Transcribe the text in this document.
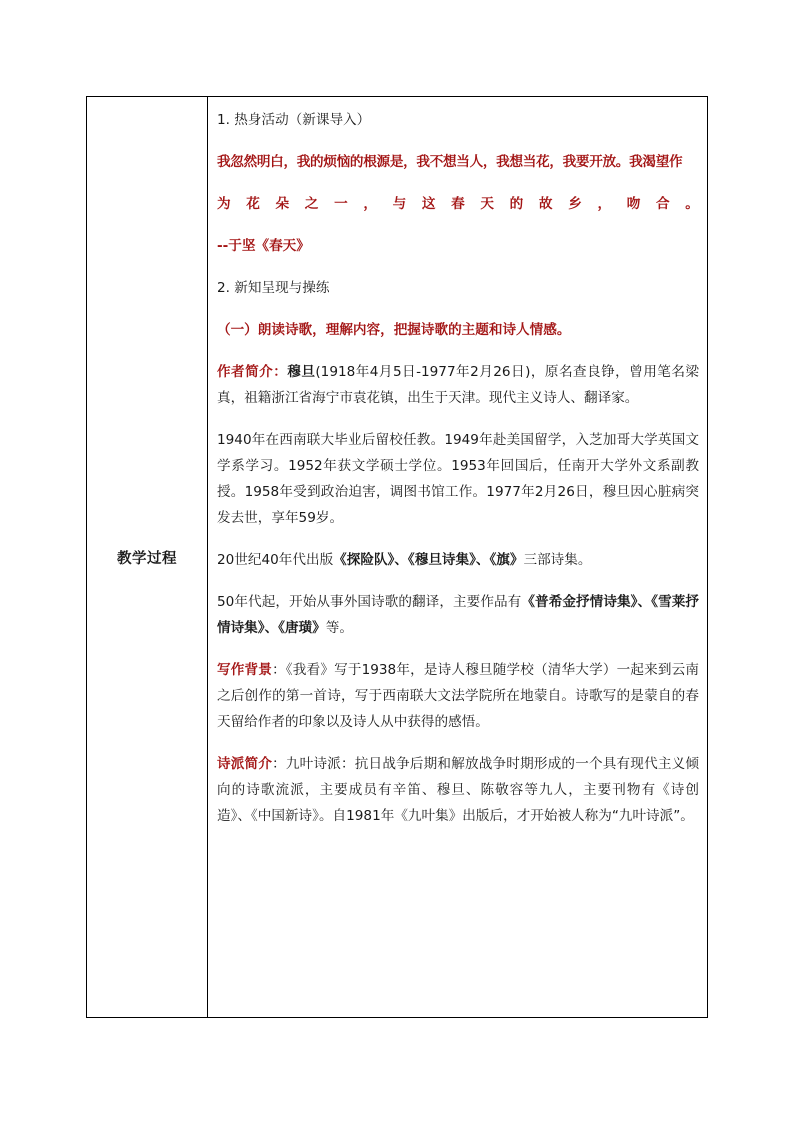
教学过程

1. 热身活动（新课导入）

我忽然明白，我的烦恼的根源是，我不想当人，我想当花，我要开放。我渴望作
为 花 朵 之 一 ， 与 这 春 天 的 故 乡 ， 吻 合 。
--于坚《春天》

2. 新知呈现与操练

（一）朗读诗歌，理解内容，把握诗歌的主题和诗人情感。

作者简介：穆旦(1918年4月5日-1977年2月26日)，原名查良铮，曾用笔名梁真，祖籍浙江省海宁市袁花镇，出生于天津。现代主义诗人、翻译家。

1940年在西南联大毕业后留校任教。1949年赴美国留学，入芝加哥大学英国文学系学习。1952年获文学硕士学位。1953年回国后，任南开大学外文系副教授。1958年受到政治迫害，调图书馆工作。1977年2月26日，穆旦因心脏病突发去世，享年59岁。

20世纪40年代出版《探险队》、《穆旦诗集》、《旗》三部诗集。

50年代起，开始从事外国诗歌的翻译，主要作品有《普希金抒情诗集》、《雪莱抒情诗集》、《唐璜》等。

写作背景：《我看》写于1938年，是诗人穆旦随学校（清华大学）一起来到云南之后创作的第一首诗，写于西南联大文法学院所在地蒙自。诗歌写的是蒙自的春天留给作者的印象以及诗人从中获得的感悟。

诗派简介：九叶诗派：抗日战争后期和解放战争时期形成的一个具有现代主义倾向的诗歌流派，主要成员有辛笛、穆旦、陈敬容等九人，主要刊物有《诗创造》、《中国新诗》。自1981年《九叶集》出版后，才开始被人称为“九叶诗派”。
